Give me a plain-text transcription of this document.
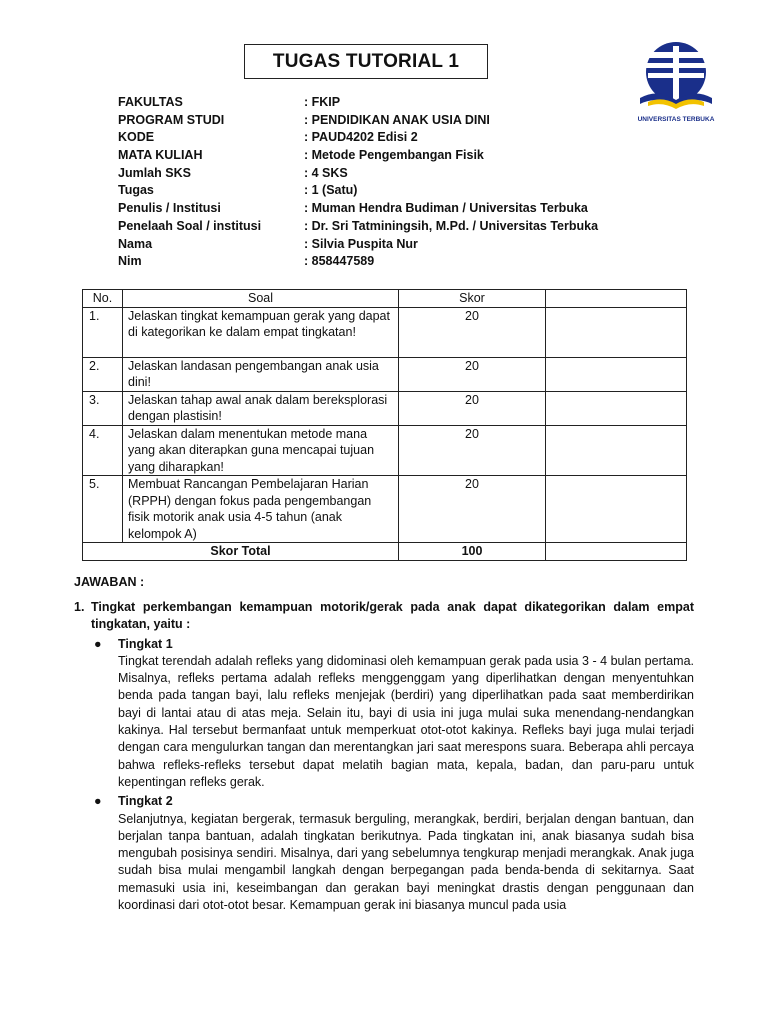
TUGAS TUTORIAL 1
UNIVERSITAS TERBUKA
FAKULTAS	: FKIP
PROGRAM STUDI	: PENDIDIKAN ANAK USIA DINI
KODE	: PAUD4202 Edisi 2
MATA KULIAH	: Metode Pengembangan Fisik
Jumlah SKS	: 4 SKS
Tugas	: 1 (Satu)
Penulis / Institusi	: Muman Hendra Budiman / Universitas Terbuka
Penelaah Soal / institusi	: Dr. Sri Tatminingsih, M.Pd. / Universitas Terbuka
Nama	: Silvia Puspita Nur
Nim	: 858447589
No.	Soal	Skor	
1.	Jelaskan tingkat kemampuan gerak yang dapat di kategorikan ke dalam empat tingkatan!	20	
2.	Jelaskan landasan pengembangan anak usia dini!	20	
3.	Jelaskan tahap awal anak dalam bereksplorasi dengan plastisin!	20	
4.	Jelaskan dalam menentukan metode mana yang akan diterapkan guna mencapai tujuan yang diharapkan!	20	
5.	Membuat Rancangan Pembelajaran Harian (RPPH) dengan fokus pada pengembangan fisik motorik anak usia 4-5 tahun (anak kelompok A)	20	
Skor Total		100	
JAWABAN :
1. Tingkat perkembangan kemampuan motorik/gerak pada anak dapat dikategorikan dalam empat tingkatan, yaitu :
● Tingkat 1

Tingkat terendah adalah refleks yang didominasi oleh kemampuan gerak pada usia 3 - 4 bulan pertama. Misalnya, refleks pertama adalah refleks menggenggam yang diperlihatkan dengan menyentuhkan benda pada tangan bayi, lalu refleks menjejak (berdiri) yang diperlihatkan pada saat memberdirikan bayi di lantai atau di atas meja. Selain itu, bayi di usia ini juga mulai suka menendang-nendangkan kakinya. Hal tersebut bermanfaat untuk memperkuat otot-otot kakinya. Refleks bayi juga mulai terjadi dengan cara mengulurkan tangan dan merentangkan jari saat merespons suara. Beberapa ahli percaya bahwa refleks-refleks tersebut dapat melatih bagian mata, kepala, badan, dan paru-paru untuk kepentingan refleks gerak.

● Tingkat 2

Selanjutnya, kegiatan bergerak, termasuk berguling, merangkak, berdiri, berjalan dengan bantuan, dan berjalan tanpa bantuan, adalah tingkatan berikutnya. Pada tingkatan ini, anak biasanya sudah bisa mengubah posisinya sendiri. Misalnya, dari yang sebelumnya tengkurap menjadi merangkak. Anak juga sudah bisa mulai mengambil langkah dengan berpegangan pada benda-benda di sekitarnya. Saat memasuki usia ini, keseimbangan dan gerakan bayi meningkat drastis dengan penggunaan dan koordinasi dari otot-otot besar. Kemampuan gerak ini biasanya muncul pada usia
